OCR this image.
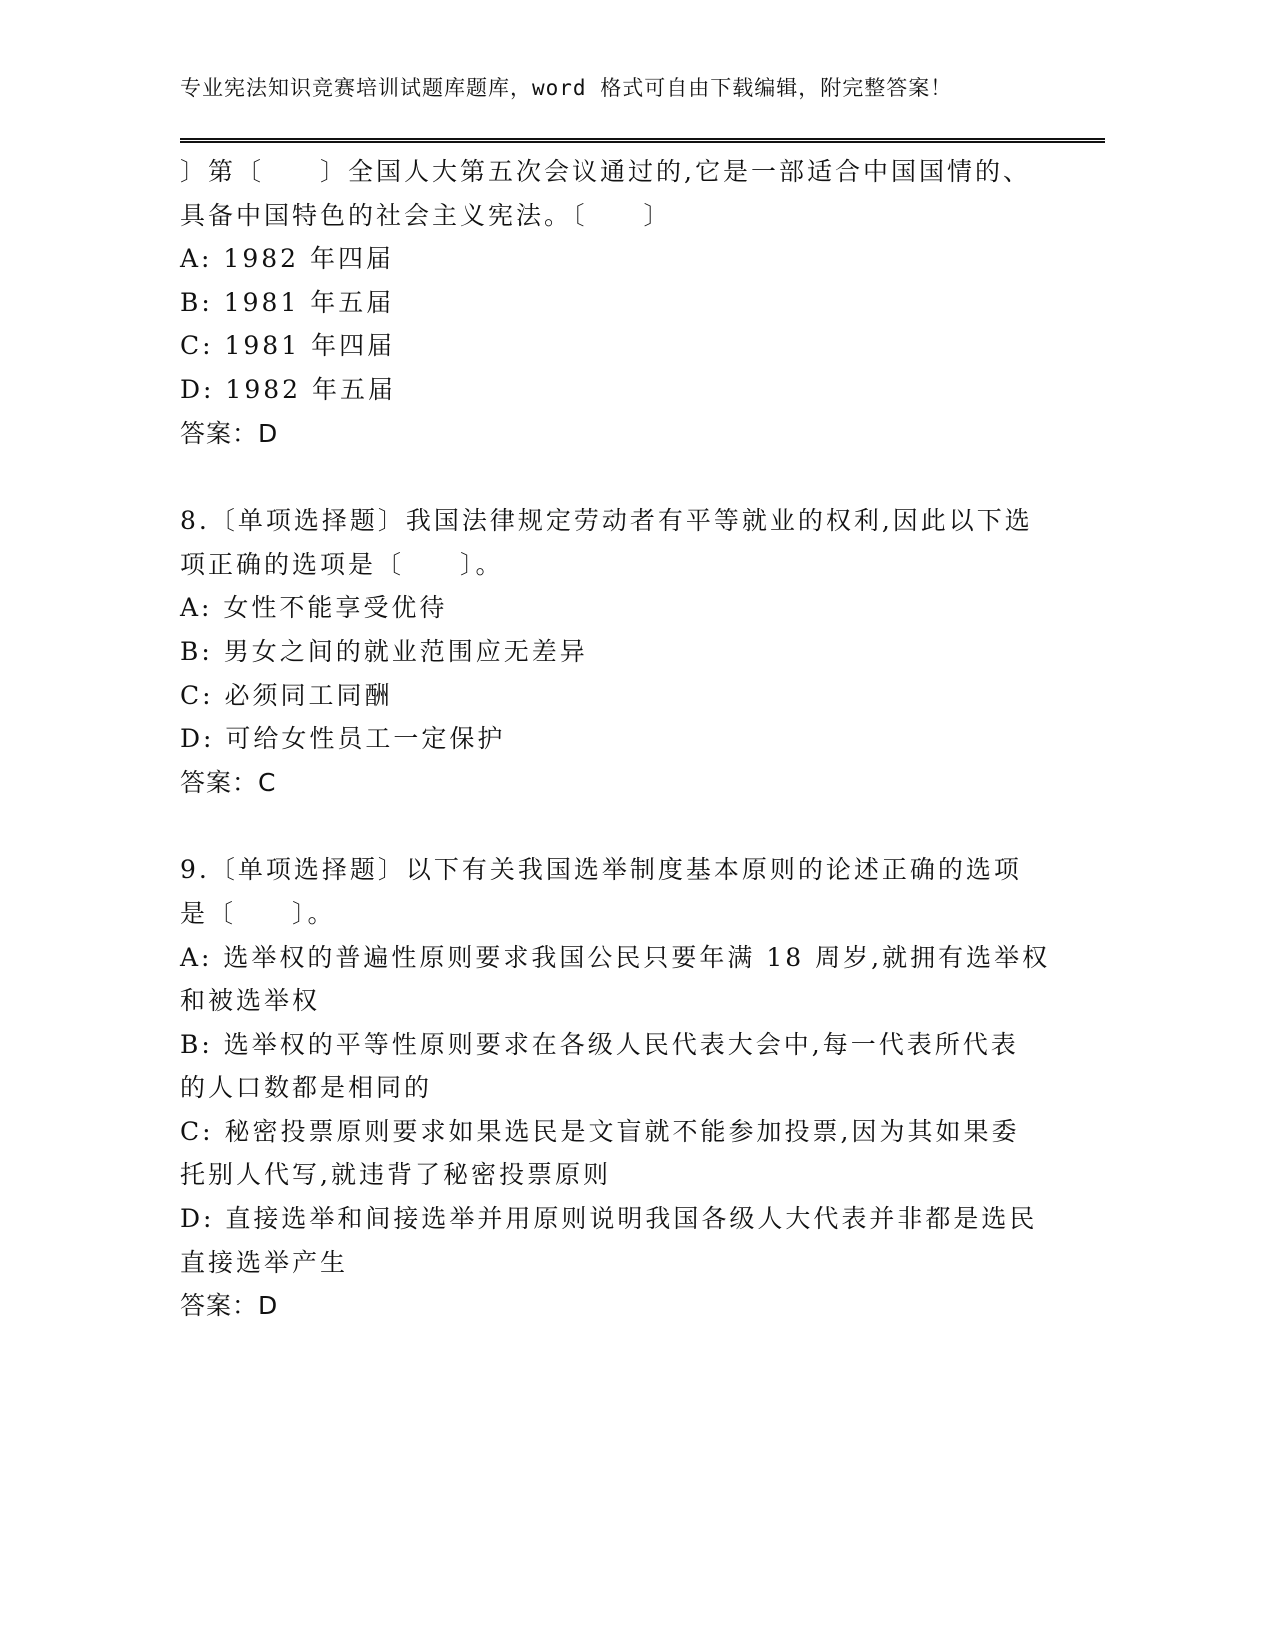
专业宪法知识竞赛培训试题库题库，word 格式可自由下载编辑，附完整答案！
〕第〔　　〕全国人大第五次会议通过的,它是一部适合中国国情的、
具备中国特色的社会主义宪法。〔　　〕
A: 1982 年四届
B: 1981 年五届
C: 1981 年四届
D: 1982 年五届
答案：D
8.〔单项选择题〕我国法律规定劳动者有平等就业的权利,因此以下选
项正确的选项是〔　　〕。
A: 女性不能享受优待
B: 男女之间的就业范围应无差异
C: 必须同工同酬
D: 可给女性员工一定保护
答案：C
9.〔单项选择题〕以下有关我国选举制度基本原则的论述正确的选项
是〔　　〕。
A: 选举权的普遍性原则要求我国公民只要年满 18 周岁,就拥有选举权
和被选举权
B: 选举权的平等性原则要求在各级人民代表大会中,每一代表所代表
的人口数都是相同的
C: 秘密投票原则要求如果选民是文盲就不能参加投票,因为其如果委
托别人代写,就违背了秘密投票原则
D: 直接选举和间接选举并用原则说明我国各级人大代表并非都是选民
直接选举产生
答案：D
